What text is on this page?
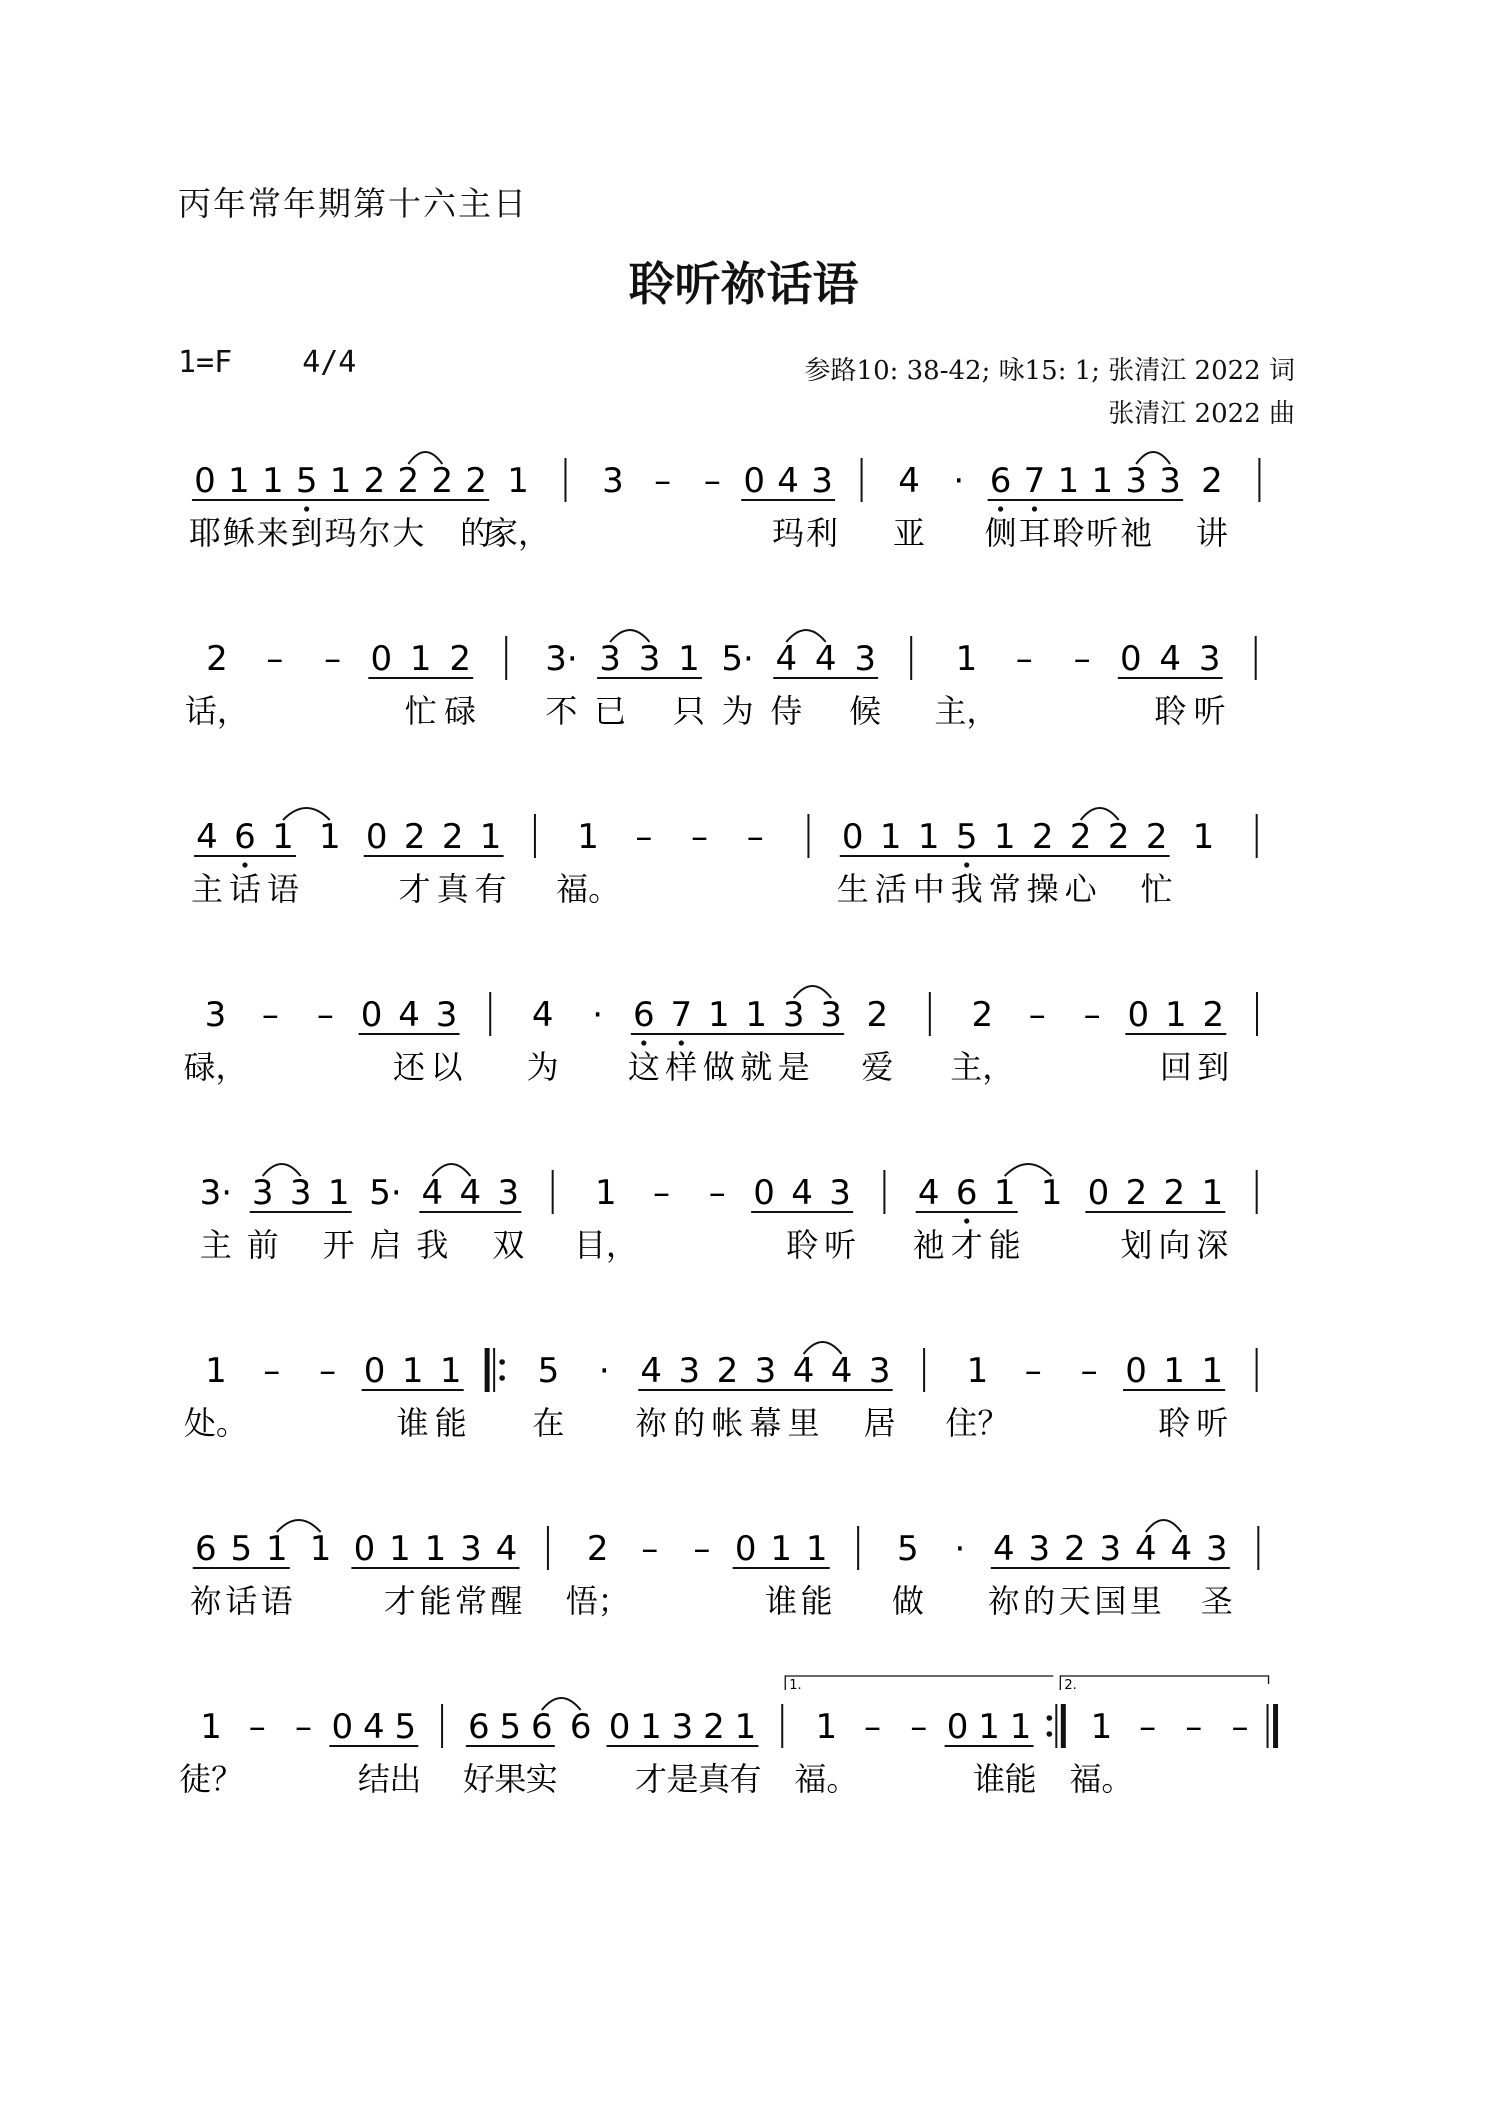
丙年常年期第十六主日
聆听祢话语
1=F 4/4	参路10: 38-42; 咏15: 1; 张清江 2022 词
张清江 2022 曲
0
耶
1
稣
1
来
5
到
1
玛
2
尔
2
大
2 2
的
1
家，
3 – – 0 4
玛
3
利
4
亚
· 6
侧
7
耳
1
聆
1
听
3
祂
3 2
讲
2
话，
– – 0 1
忙
2
碌
3·
不
3
已
3 1
只
5·
为
4
侍
4 3
候
1
主，
– – 0 4
聆
3
听
4
主
6
话
1
语
1 0 2
才
2
真
1
有
1
福。
– – – 0
生
1
活
1
中
5
我
1
常
2
操
2
心
2 2
忙
1
3
碌，
– – 0 4
还
3
以
4
为
· 6
这
7
样
1
做
1
就
3
是
3 2
爱
2
主，
– – 0 1
回
2
到
3·
主
3
前
3 1
开
5·
启
4
我
4 3
双
1
目，
– – 0 4
聆
3
听
4
祂
6
才
1
能
1 0 2
划
2
向
1
深
1
处。
– – 0 1
谁
1
能
5
在
· 4
祢
3
的
2
帐
3
幕
4
里
4 3
居
1
住？
– – 0 1
聆
1
听
6
祢
5
话
1
语
1 0 1
才
1
能
3
常
4
醒
2
悟；
– – 0 1
谁
1
能
5
做
· 4
祢
3
的
2
天
3
国
4
里
4 3
圣
1
徒？
– – 0 4
结
5
出
6
好
5
果
6
实
6 0 1
才
3
是
2
真
1
有
1.
1
福。
– – 0 1
谁
1
能
2.
1
福。
– – –
